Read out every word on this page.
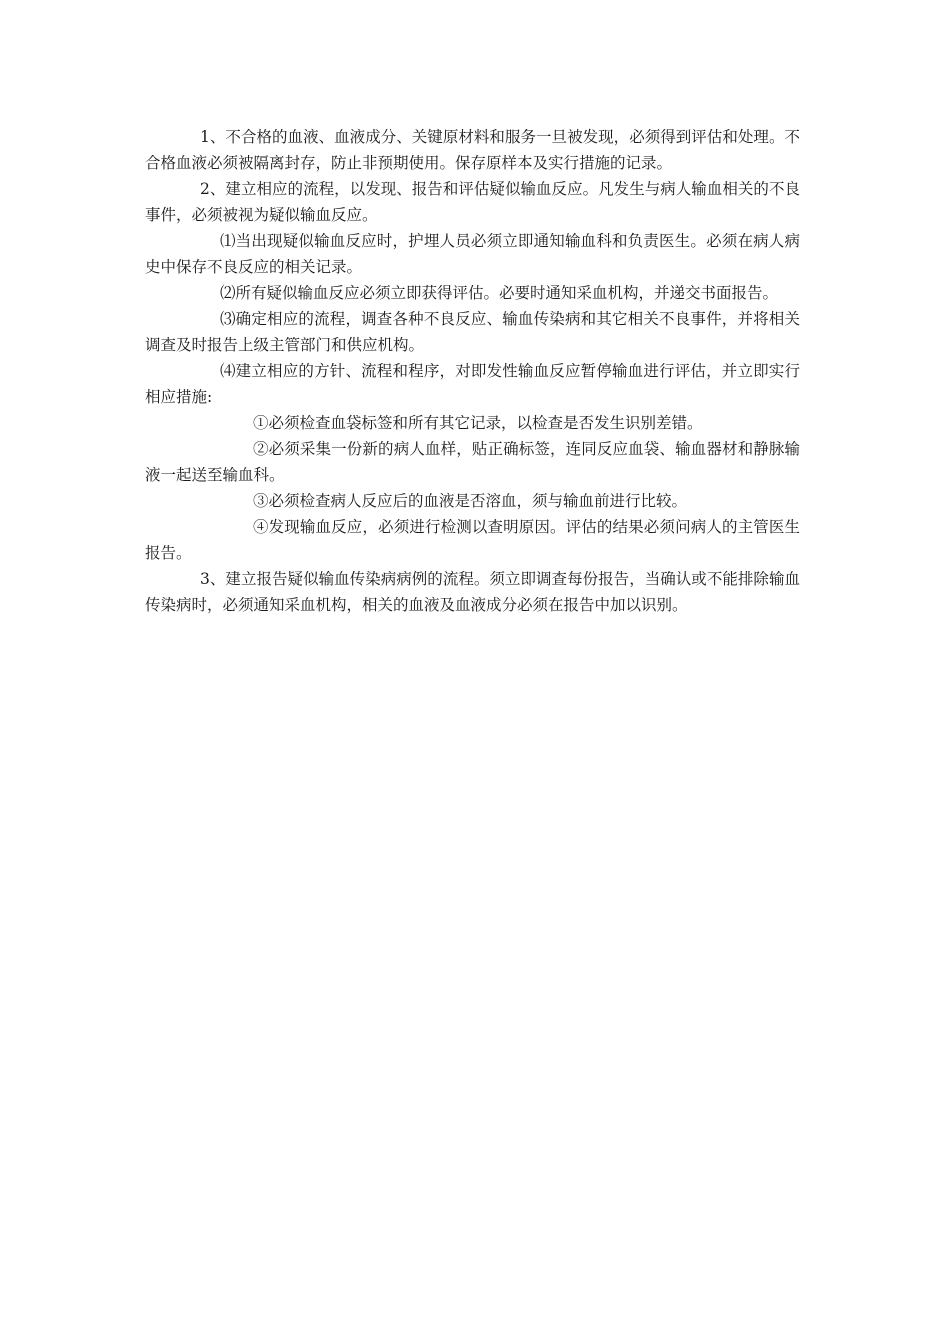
1、不合格的血液、血液成分、关键原材料和服务一旦被发现，必须得到评估和处理。不合格血液必须被隔离封存，防止非预期使用。保存原样本及实行措施的记录。

2、建立相应的流程，以发现、报告和评估疑似输血反应。凡发生与病人输血相关的不良事件，必须被视为疑似输血反应。

⑴当出现疑似输血反应时，护埋人员必须立即通知输血科和负责医生。必须在病人病史中保存不良反应的相关记录。

⑵所有疑似输血反应必须立即获得评估。必要时通知采血机构，并递交书面报告。

⑶确定相应的流程，调查各种不良反应、输血传染病和其它相关不良事件，并将相关调查及时报告上级主管部门和供应机构。

⑷建立相应的方针、流程和程序，对即发性输血反应暂停输血进行评估，并立即实行相应措施:

①必须检查血袋标签和所有其它记录，以检查是否发生识别差错。

②必须采集一份新的病人血样，贴正确标签，连同反应血袋、输血器材和静脉输液一起送至输血科。

③必须检查病人反应后的血液是否溶血，须与输血前进行比较。

④发现输血反应，必须进行检测以查明原因。评估的结果必须问病人的主管医生报告。

3、建立报告疑似输血传染病病例的流程。须立即调查每份报告，当确认或不能排除输血传染病时，必须通知采血机构，相关的血液及血液成分必须在报告中加以识别。
